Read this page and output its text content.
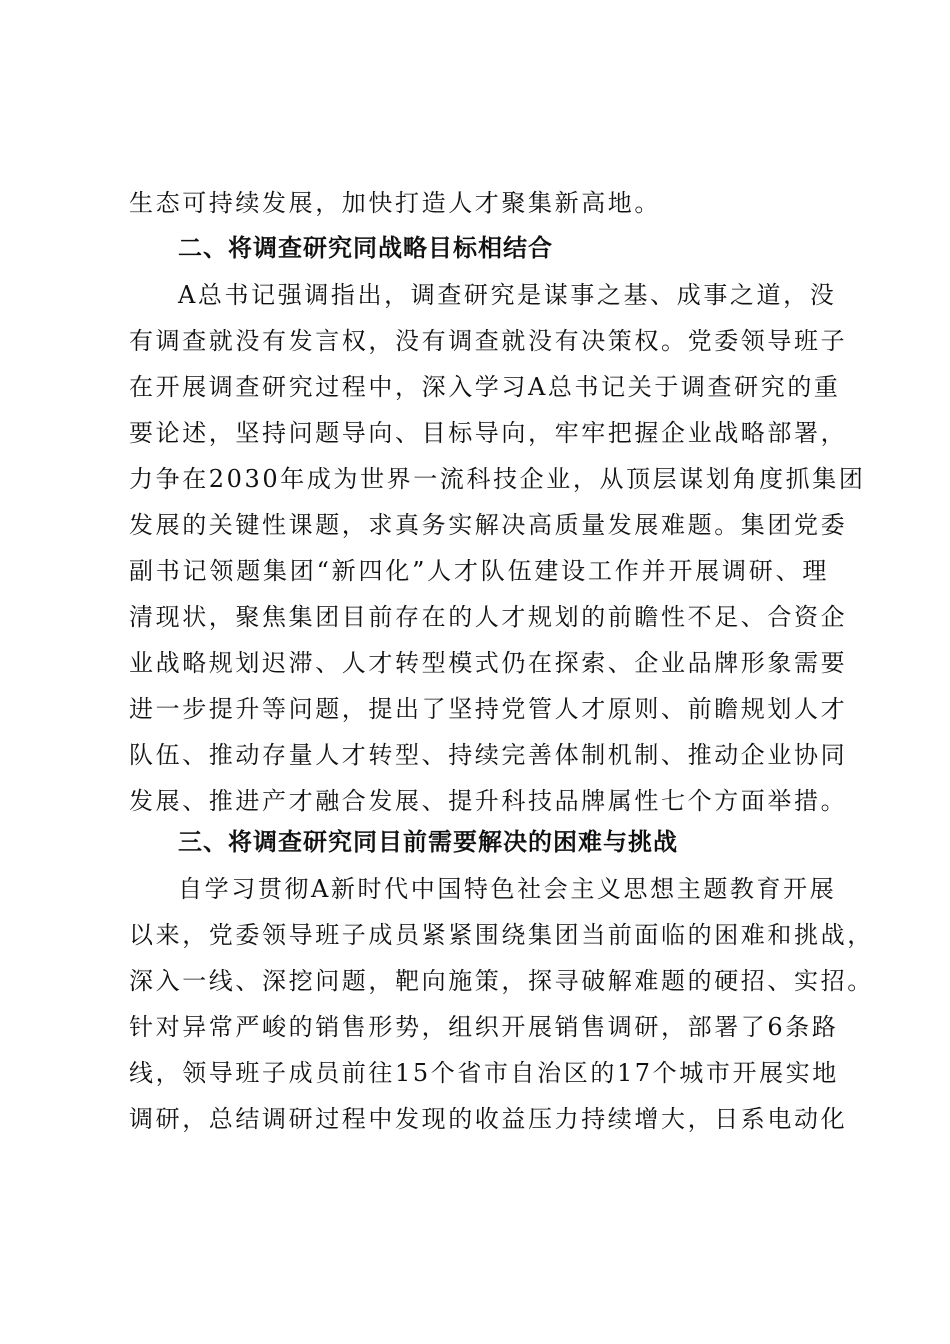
生态可持续发展，加快打造人才聚集新高地。
二、将调查研究同战略目标相结合
A总书记强调指出，调查研究是谋事之基、成事之道，没
有调查就没有发言权，没有调查就没有决策权。党委领导班子
在开展调查研究过程中，深入学习A总书记关于调查研究的重
要论述，坚持问题导向、目标导向，牢牢把握企业战略部署，
力争在2030年成为世界一流科技企业，从顶层谋划角度抓集团
发展的关键性课题，求真务实解决高质量发展难题。集团党委
副书记领题集团“新四化”人才队伍建设工作并开展调研、理
清现状，聚焦集团目前存在的人才规划的前瞻性不足、合资企
业战略规划迟滞、人才转型模式仍在探索、企业品牌形象需要
进一步提升等问题，提出了坚持党管人才原则、前瞻规划人才
队伍、推动存量人才转型、持续完善体制机制、推动企业协同
发展、推进产才融合发展、提升科技品牌属性七个方面举措。
三、将调查研究同目前需要解决的困难与挑战
自学习贯彻A新时代中国特色社会主义思想主题教育开展
以来，党委领导班子成员紧紧围绕集团当前面临的困难和挑战，
深入一线、深挖问题，靶向施策，探寻破解难题的硬招、实招。
针对异常严峻的销售形势，组织开展销售调研，部署了6条路
线，领导班子成员前往15个省市自治区的17个城市开展实地
调研，总结调研过程中发现的收益压力持续增大，日系电动化
